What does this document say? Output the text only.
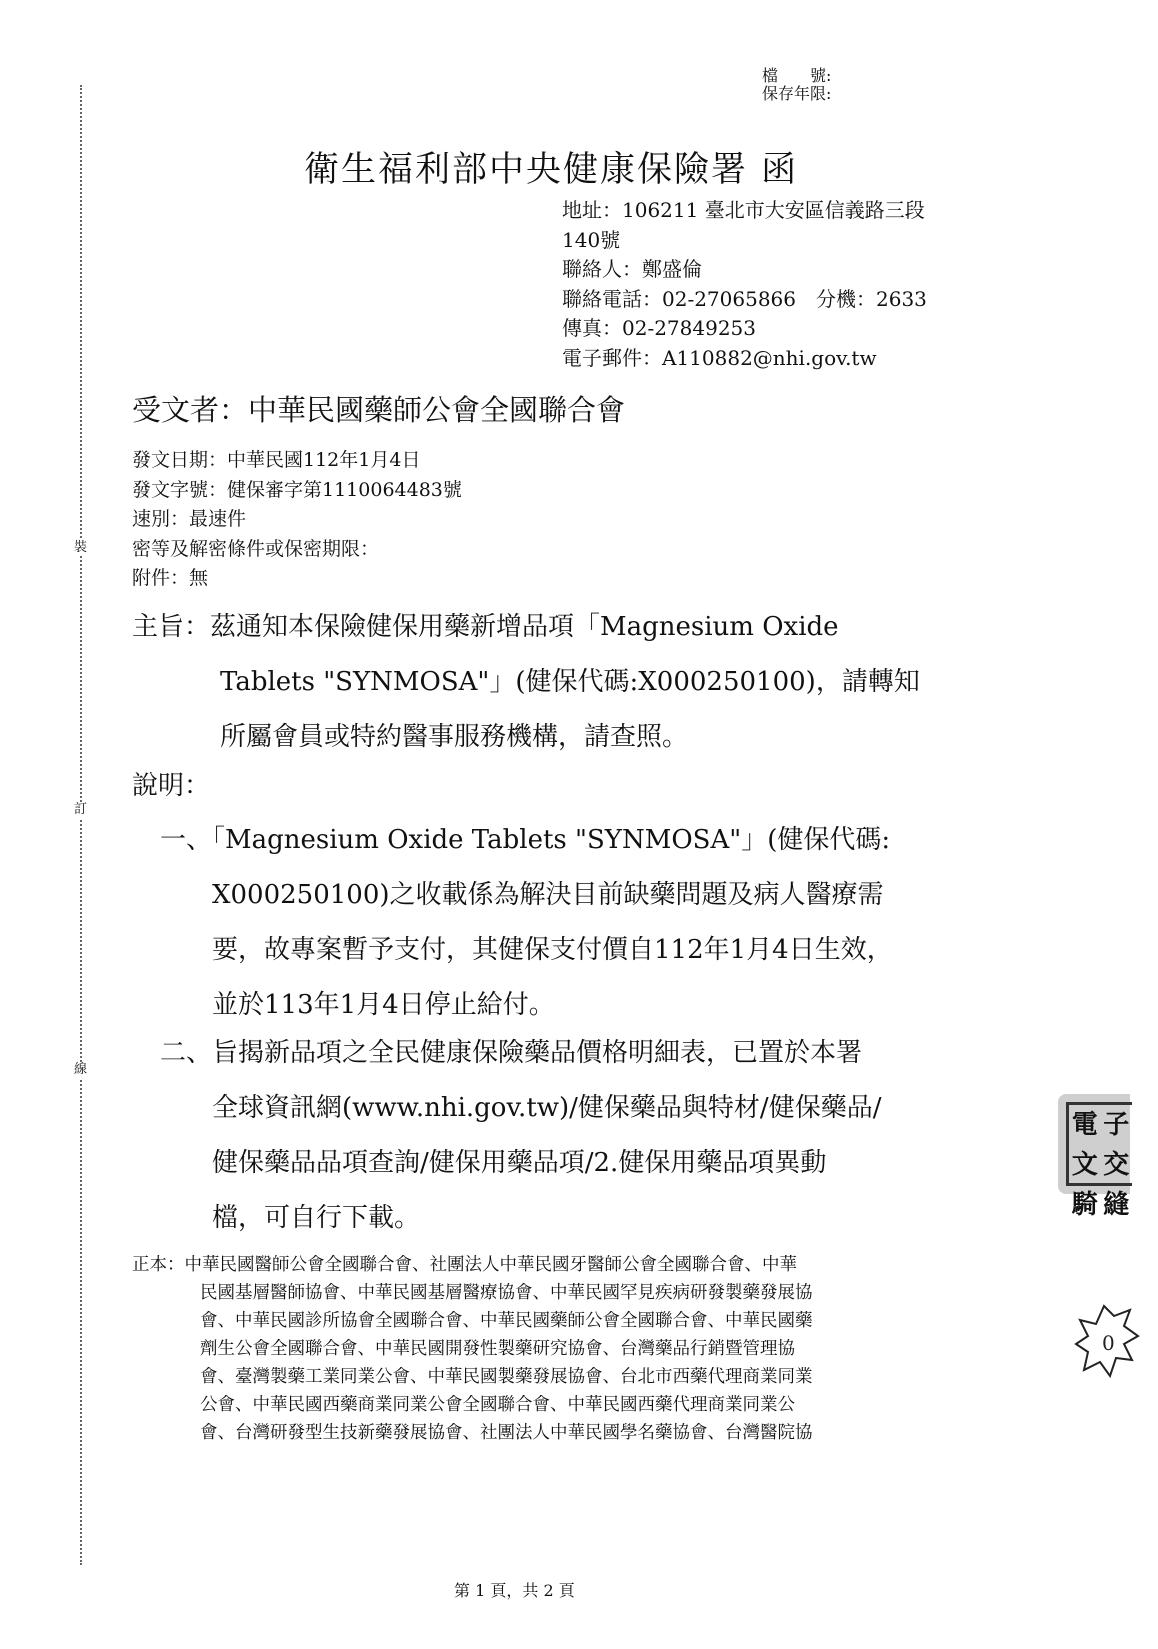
裝
訂
線
檔　　號:
保存年限:
衛生福利部中央健康保險署 函
地址：106211 臺北市大安區信義路三段
140號
聯絡人：鄭盛倫
聯絡電話：02-27065866　分機：2633
傳真：02-27849253
電子郵件：A110882@nhi.gov.tw
受文者：中華民國藥師公會全國聯合會
發文日期：中華民國112年1月4日
發文字號：健保審字第1110064483號
速別：最速件
密等及解密條件或保密期限：
附件：無
主旨：茲通知本保險健保用藥新增品項「Magnesium Oxide
Tablets "SYNMOSA"」(健保代碼:X000250100)，請轉知
所屬會員或特約醫事服務機構，請查照。
說明：
一、「Magnesium Oxide Tablets "SYNMOSA"」(健保代碼:
X000250100)之收載係為解決目前缺藥問題及病人醫療需
要，故專案暫予支付，其健保支付價自112年1月4日生效，
並於113年1月4日停止給付。
二、旨揭新品項之全民健康保險藥品價格明細表，已置於本署
全球資訊網(www.nhi.gov.tw)/健保藥品與特材/健保藥品/
健保藥品品項查詢/健保用藥品項/2.健保用藥品項異動
檔，可自行下載。
正本：中華民國醫師公會全國聯合會、社團法人中華民國牙醫師公會全國聯合會、中華
民國基層醫師協會、中華民國基層醫療協會、中華民國罕見疾病研發製藥發展協
會、中華民國診所協會全國聯合會、中華民國藥師公會全國聯合會、中華民國藥
劑生公會全國聯合會、中華民國開發性製藥研究協會、台灣藥品行銷暨管理協
會、臺灣製藥工業同業公會、中華民國製藥發展協會、台北市西藥代理商業同業
公會、中華民國西藥商業同業公會全國聯合會、中華民國西藥代理商業同業公
會、台灣研發型生技新藥發展協會、社團法人中華民國學名藥協會、台灣醫院協
電 子
文 交
騎 縫
0
第 1 頁，共 2 頁
